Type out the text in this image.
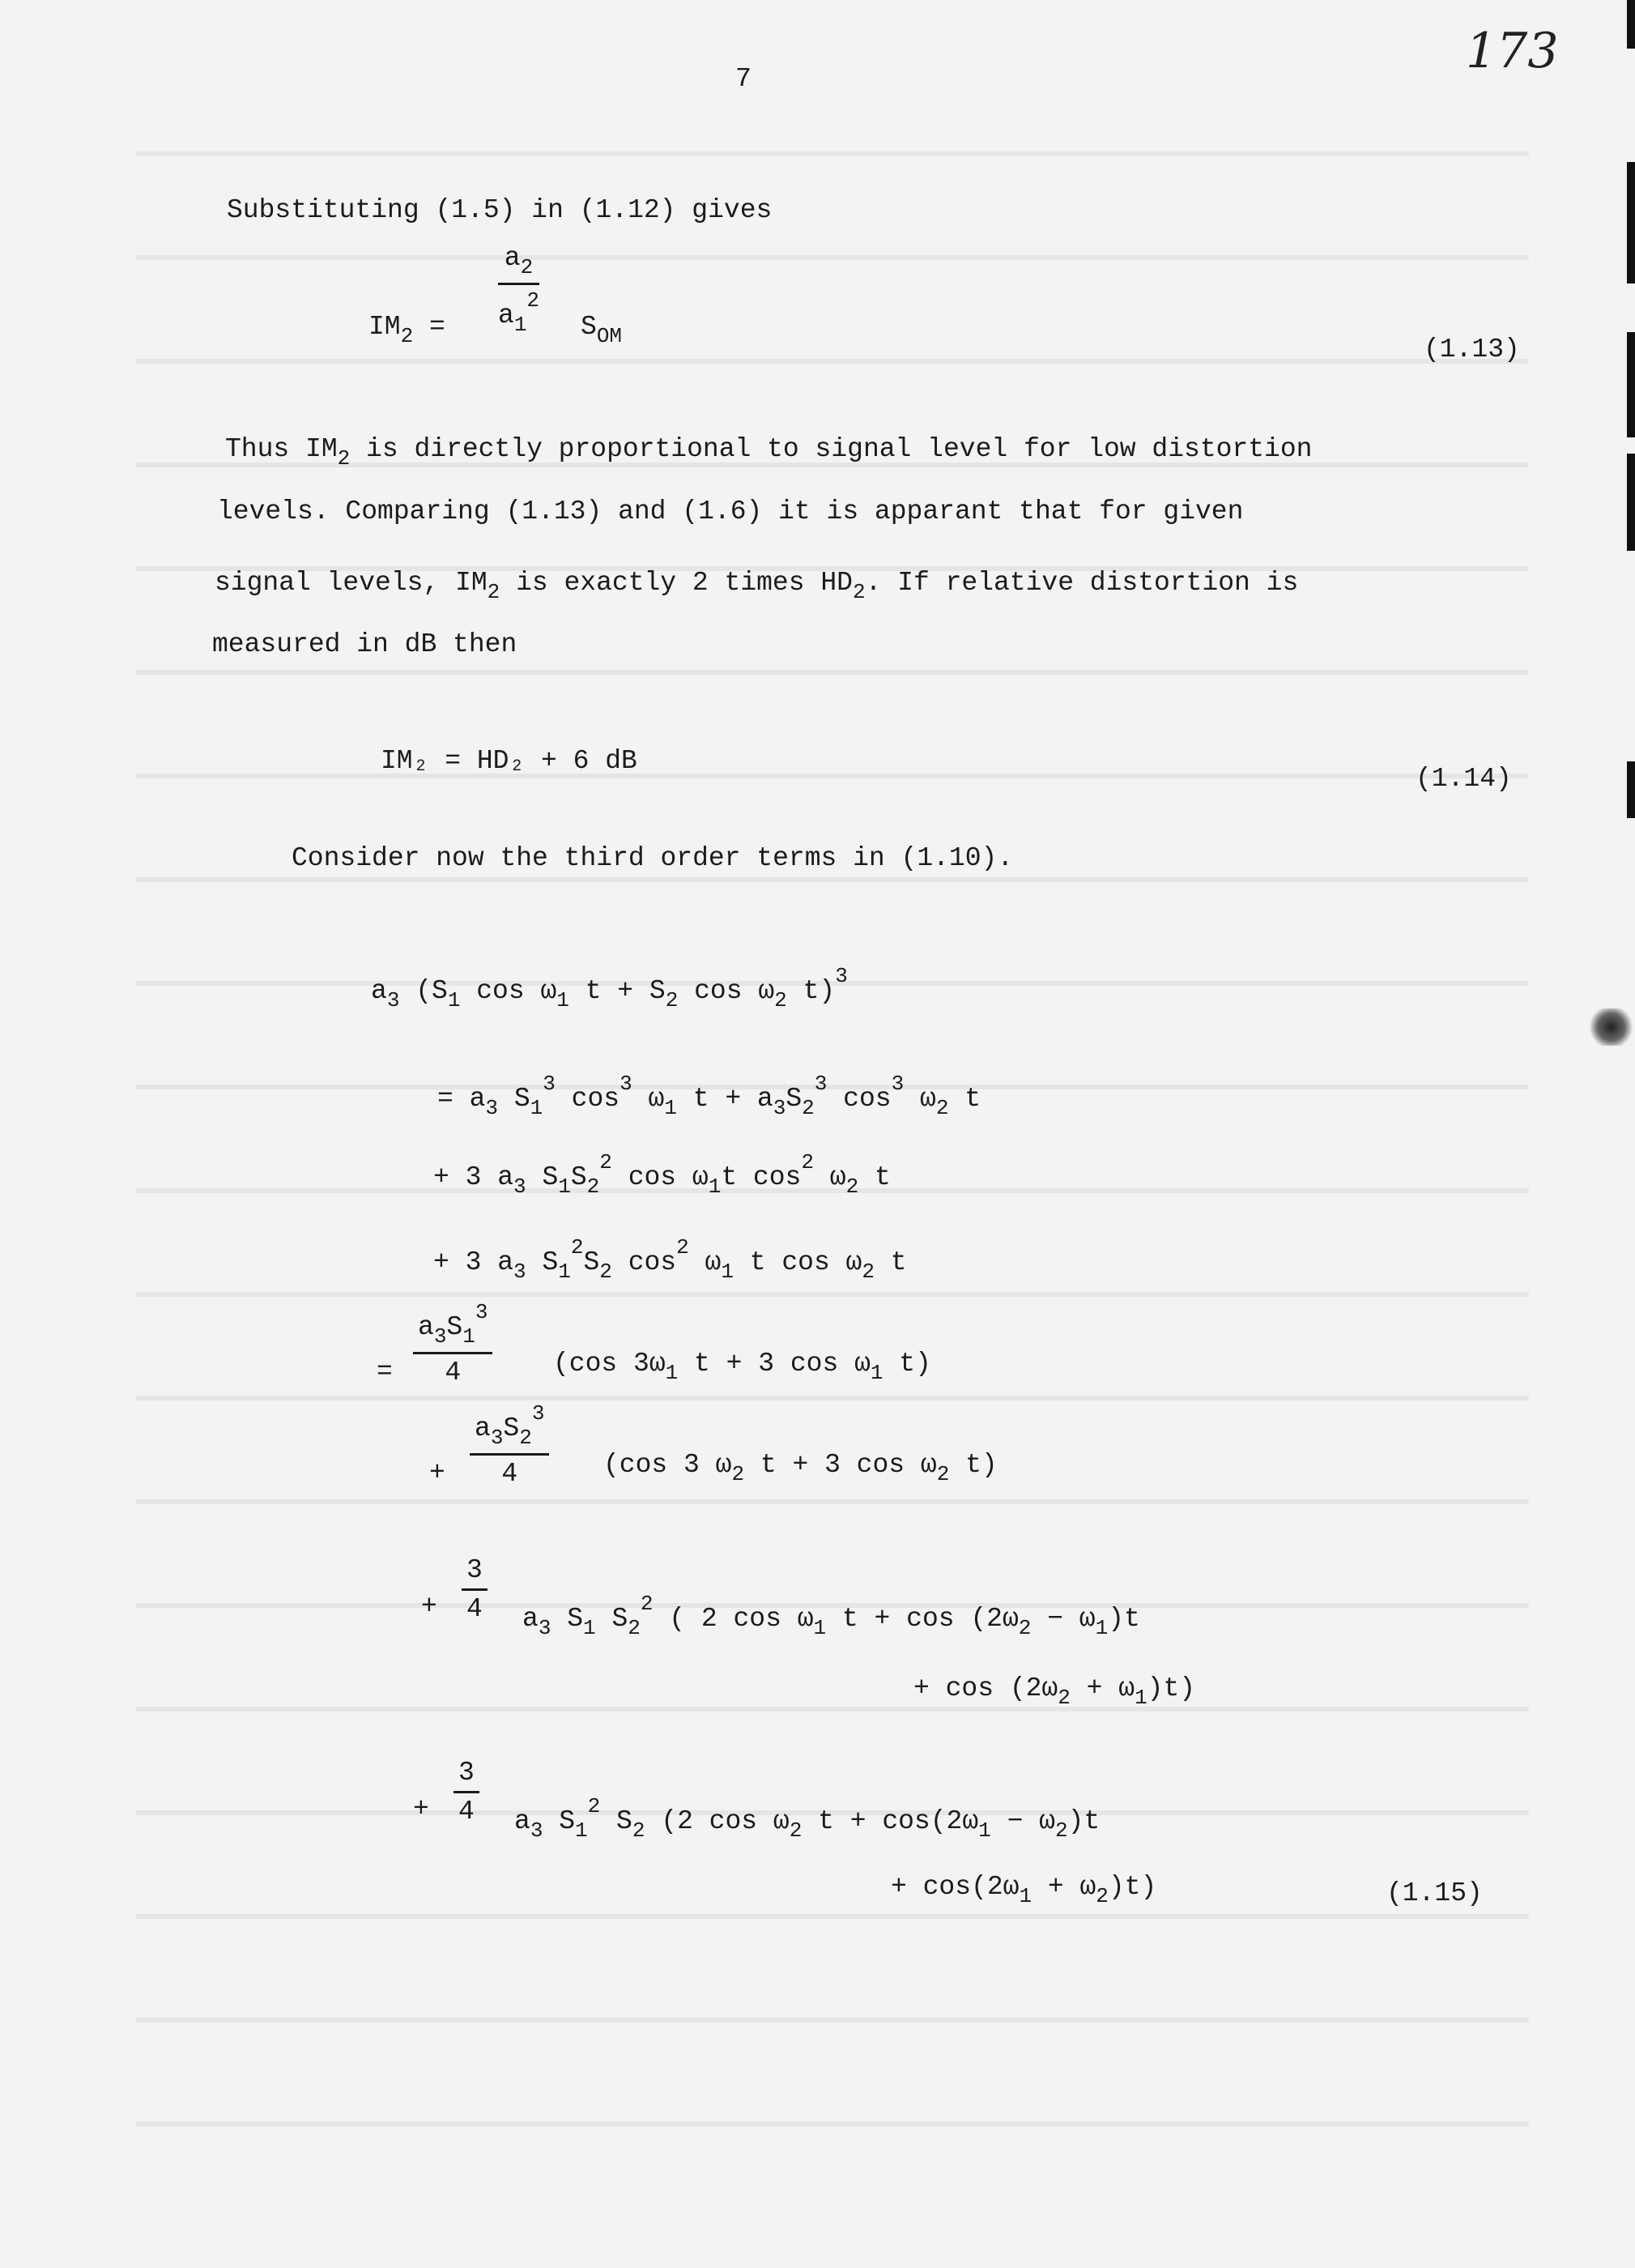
173
7
Substituting (1.5) in (1.12) gives
$IM_2$ =
$a_2$
$a_1^2$
$S_{OM}$	(1.13)
Thus $IM_2$ is directly proportional to signal level for low distortion
levels. Comparing (1.13) and (1.6) it is apparant that for given
signal levels, $IM_2$ is exactly 2 times $HD_2$. If relative distortion is
measured in dB then
IM₂ = HD₂ + 6 dB
(1.14)
Consider now the third order terms in (1.10).
$a_3$ ($S_1$ $\cos \omega_1$ $t + S_2$ $\cos \omega_2$ t)$^3$
= $a_3$ $S_1^3$ $\cos^3 \omega_1$ $t + a_3S_2^3$ $\cos^3 \omega_2$ t
+ 3 $a_3$ $S_1S_2^2$ $\cos \omega_1t$ $\cos^2 \omega_2$ t
+ 3 $a_3$ $S_1^2S_2$ $\cos^2 \omega_1$ t $\cos \omega_2$ t
=
$a_3S_1^3$
4	(cos $3\omega_1$ t + 3 $\cos \omega_1$ t)
+
$a_3S_2^3$
4	(cos 3 $\omega_2$ t + 3 $\cos \omega_2$ t)
+
3
4 $a_3$ $S_1$ $S_2^2$ ( 2 $\cos \omega_1$ $t + \cos (2\omega_2 - \omega_1)t$
+ $\cos (2\omega_2 + \omega_1)t$)
+
3
4 $a_3$ $S_1^2$ $S_2$ (2 $\cos \omega_2$ $t + \cos(2\omega_1 - \omega_2)t$
+ $\cos(2\omega_1 + \omega_2)t$)	(1.15)
